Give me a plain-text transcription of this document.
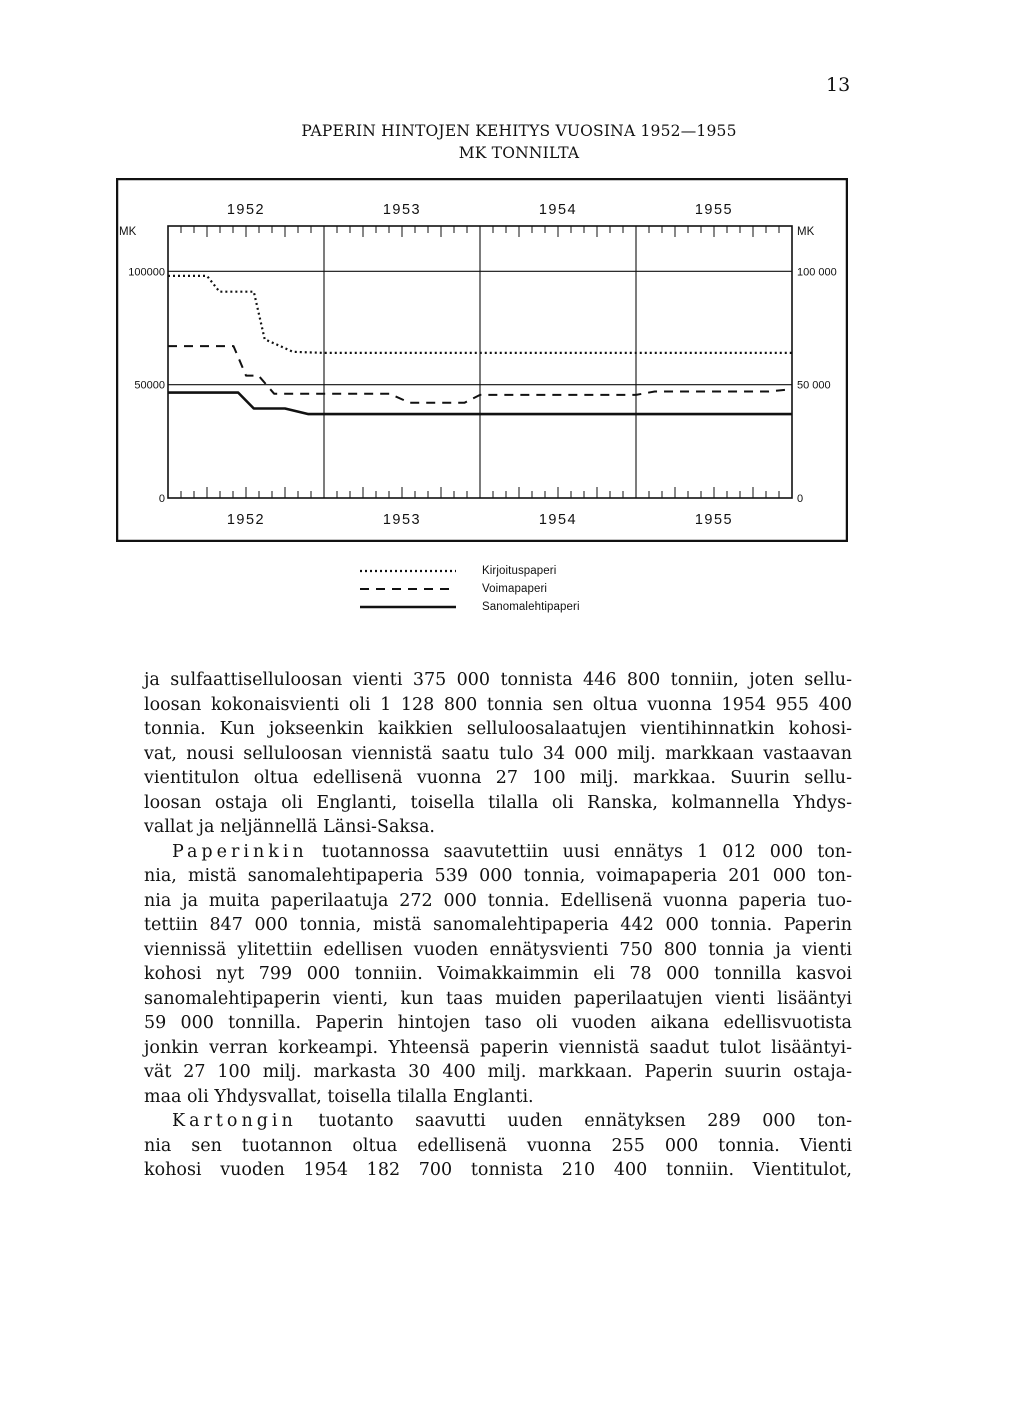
13
PAPERIN HINTOJEN KEHITYS VUOSINA 1952—1955
MK TONNILTA
MK	MK
0
50000
100000
0
50 000
100 000
1952	1953	1954	1955
1952	1953	1954	1955
Kirjoituspaperi
Voimapaperi
Sanomalehtipaperi

ja sulfaattiselluloosan vienti 375 000 tonnista 446 800 tonniin, joten sellu-
loosan kokonaisvienti oli 1 128 800 tonnia sen oltua vuonna 1954 955 400
tonnia. Kun jokseenkin kaikkien selluloosalaatujen vientihinnatkin kohosi-
vat, nousi selluloosan viennistä saatu tulo 34 000 milj. markkaan vastaavan
vientitulon oltua edellisenä vuonna 27 100 milj. markkaa. Suurin sellu-
loosan ostaja oli Englanti, toisella tilalla oli Ranska, kolmannella Yhdys-

vallat ja neljännellä Länsi-Saksa.

Paperinkin tuotannossa saavutettiin uusi ennätys 1 012 000 ton-
nia, mistä sanomalehtipaperia 539 000 tonnia, voimapaperia 201 000 ton-
nia ja muita paperilaatuja 272 000 tonnia. Edellisenä vuonna paperia tuo-
tettiin 847 000 tonnia, mistä sanomalehtipaperia 442 000 tonnia. Paperin
viennissä ylitettiin edellisen vuoden ennätysvienti 750 800 tonnia ja vienti
kohosi nyt 799 000 tonniin. Voimakkaimmin eli 78 000 tonnilla kasvoi
sanomalehtipaperin vienti, kun taas muiden paperilaatujen vienti lisääntyi
59 000 tonnilla. Paperin hintojen taso oli vuoden aikana edellisvuotista
jonkin verran korkeampi. Yhteensä paperin viennistä saadut tulot lisääntyi-
vät 27 100 milj. markasta 30 400 milj. markkaan. Paperin suurin ostaja-

maa oli Yhdysvallat, toisella tilalla Englanti.

Kartongin tuotanto saavutti uuden ennätyksen 289 000 ton-
nia sen tuotannon oltua edellisenä vuonna 255 000 tonnia. Vienti
kohosi vuoden 1954 182 700 tonnista 210 400 tonniin. Vientitulot,
